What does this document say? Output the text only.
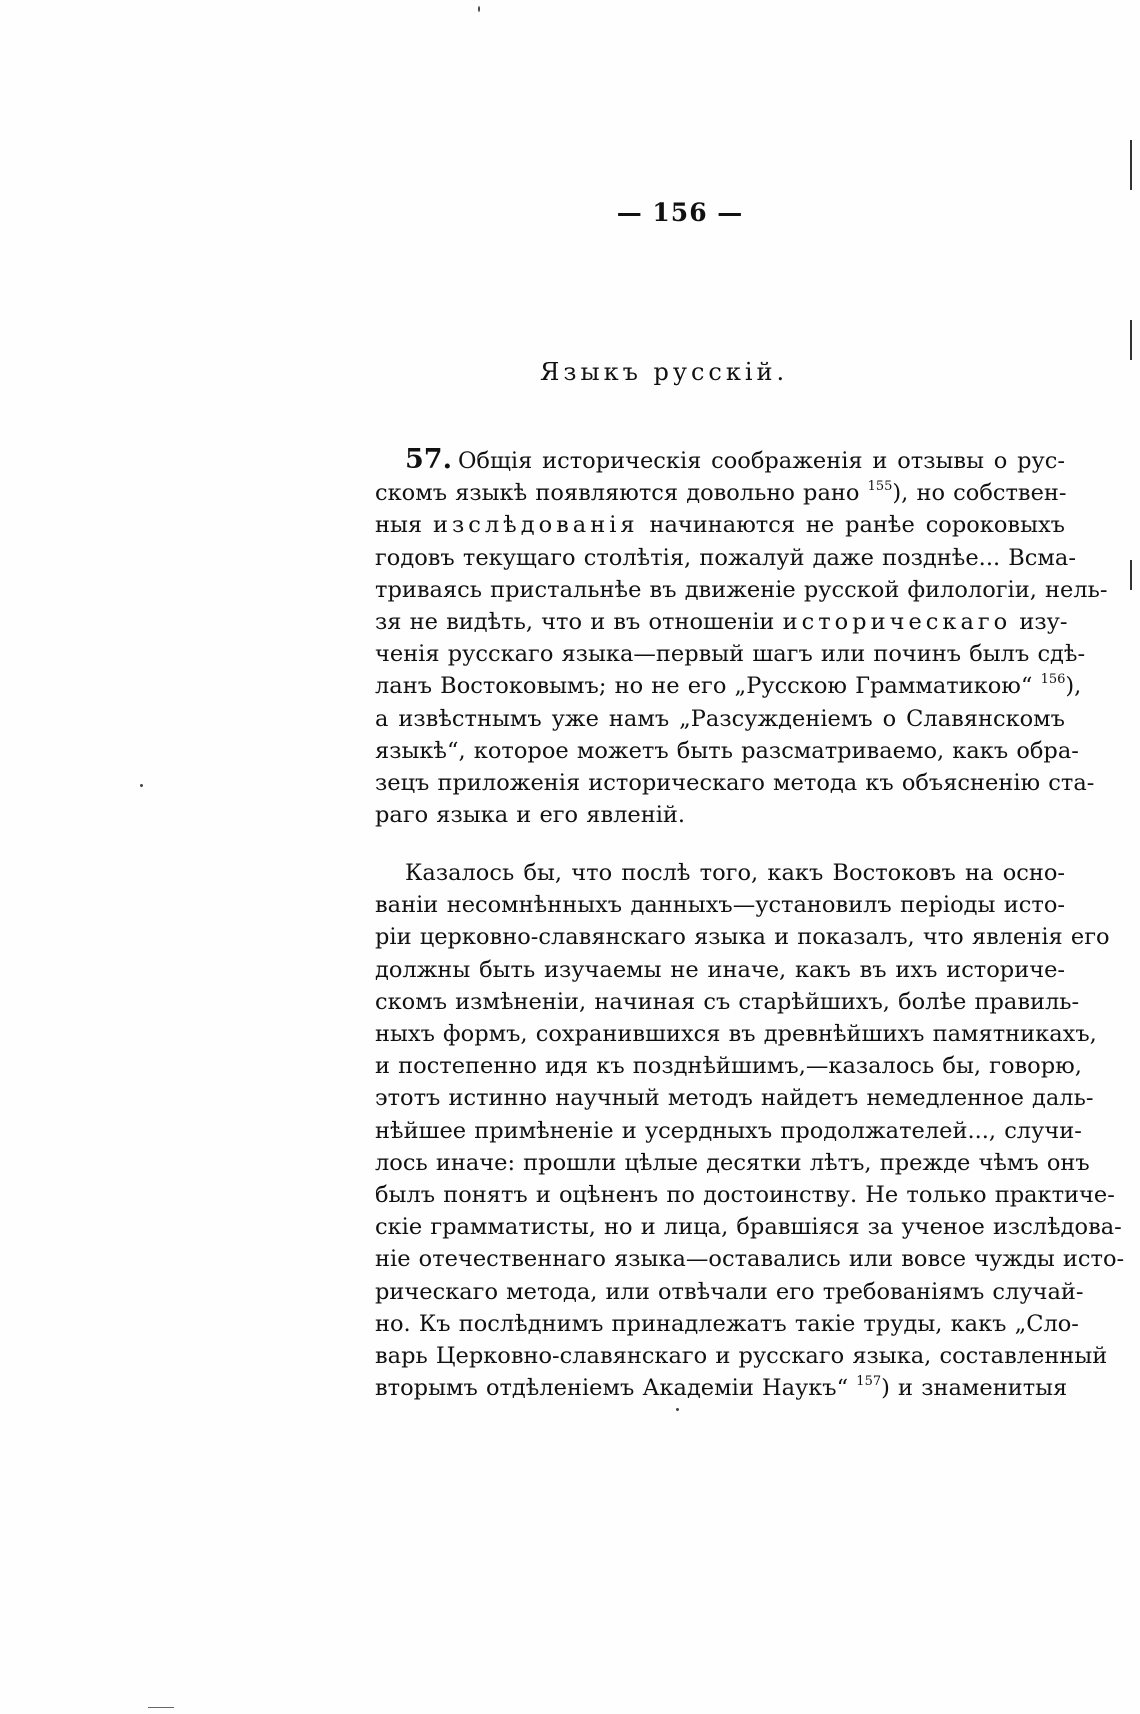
— 156 —
Языкъ русскій.
57. Общія историческія соображенія и отзывы о рус-
скомъ языкѣ появляются довольно рано $^{155}$), но собствен-
ныя изслѣдованія начинаются не ранѣе сороковыхъ
годовъ текущаго столѣтія, пожалуй даже позднѣе... Всма-
триваясь пристальнѣе въ движеніе русской филологіи, нель-
зя не видѣть, что и въ отношеніи историческаго изу-
ченія русскаго языка—первый шагъ или починъ былъ сдѣ-
ланъ Востоковымъ; но не его „Русскою Грамматикою“ $^{156}$),
а извѣстнымъ уже намъ „Разсужденіемъ о Славянскомъ
языкѣ“, которое можетъ быть разсматриваемо, какъ обра-
зецъ приложенія историческаго метода къ объясненію ста-
раго языка и его явленій.
Казалось бы, что послѣ того, какъ Востоковъ на осно-
ваніи несомнѣнныхъ данныхъ—установилъ періоды исто-
ріи церковно-славянскаго языка и показалъ, что явленія его
должны быть изучаемы не иначе, какъ въ ихъ историче-
скомъ измѣненіи, начиная съ старѣйшихъ, болѣе правиль-
ныхъ формъ, сохранившихся въ древнѣйшихъ памятникахъ,
и постепенно идя къ позднѣйшимъ,—казалось бы, говорю,
этотъ истинно научный методъ найдетъ немедленное даль-
нѣйшее примѣненіе и усердныхъ продолжателей..., случи-
лось иначе: прошли цѣлые десятки лѣтъ, прежде чѣмъ онъ
былъ понятъ и оцѣненъ по достоинству. Не только практиче-
скіе грамматисты, но и лица, бравшіяся за ученое изслѣдова-
ніе отечественнаго языка—оставались или вовсе чужды исто-
рическаго метода, или отвѣчали его требованіямъ случай-
но. Къ послѣднимъ принадлежатъ такіе труды, какъ „Сло-
варь Церковно-славянскаго и русскаго языка, составленный
вторымъ отдѣленіемъ Академіи Наукъ“ $^{157}$) и знаменитыя
